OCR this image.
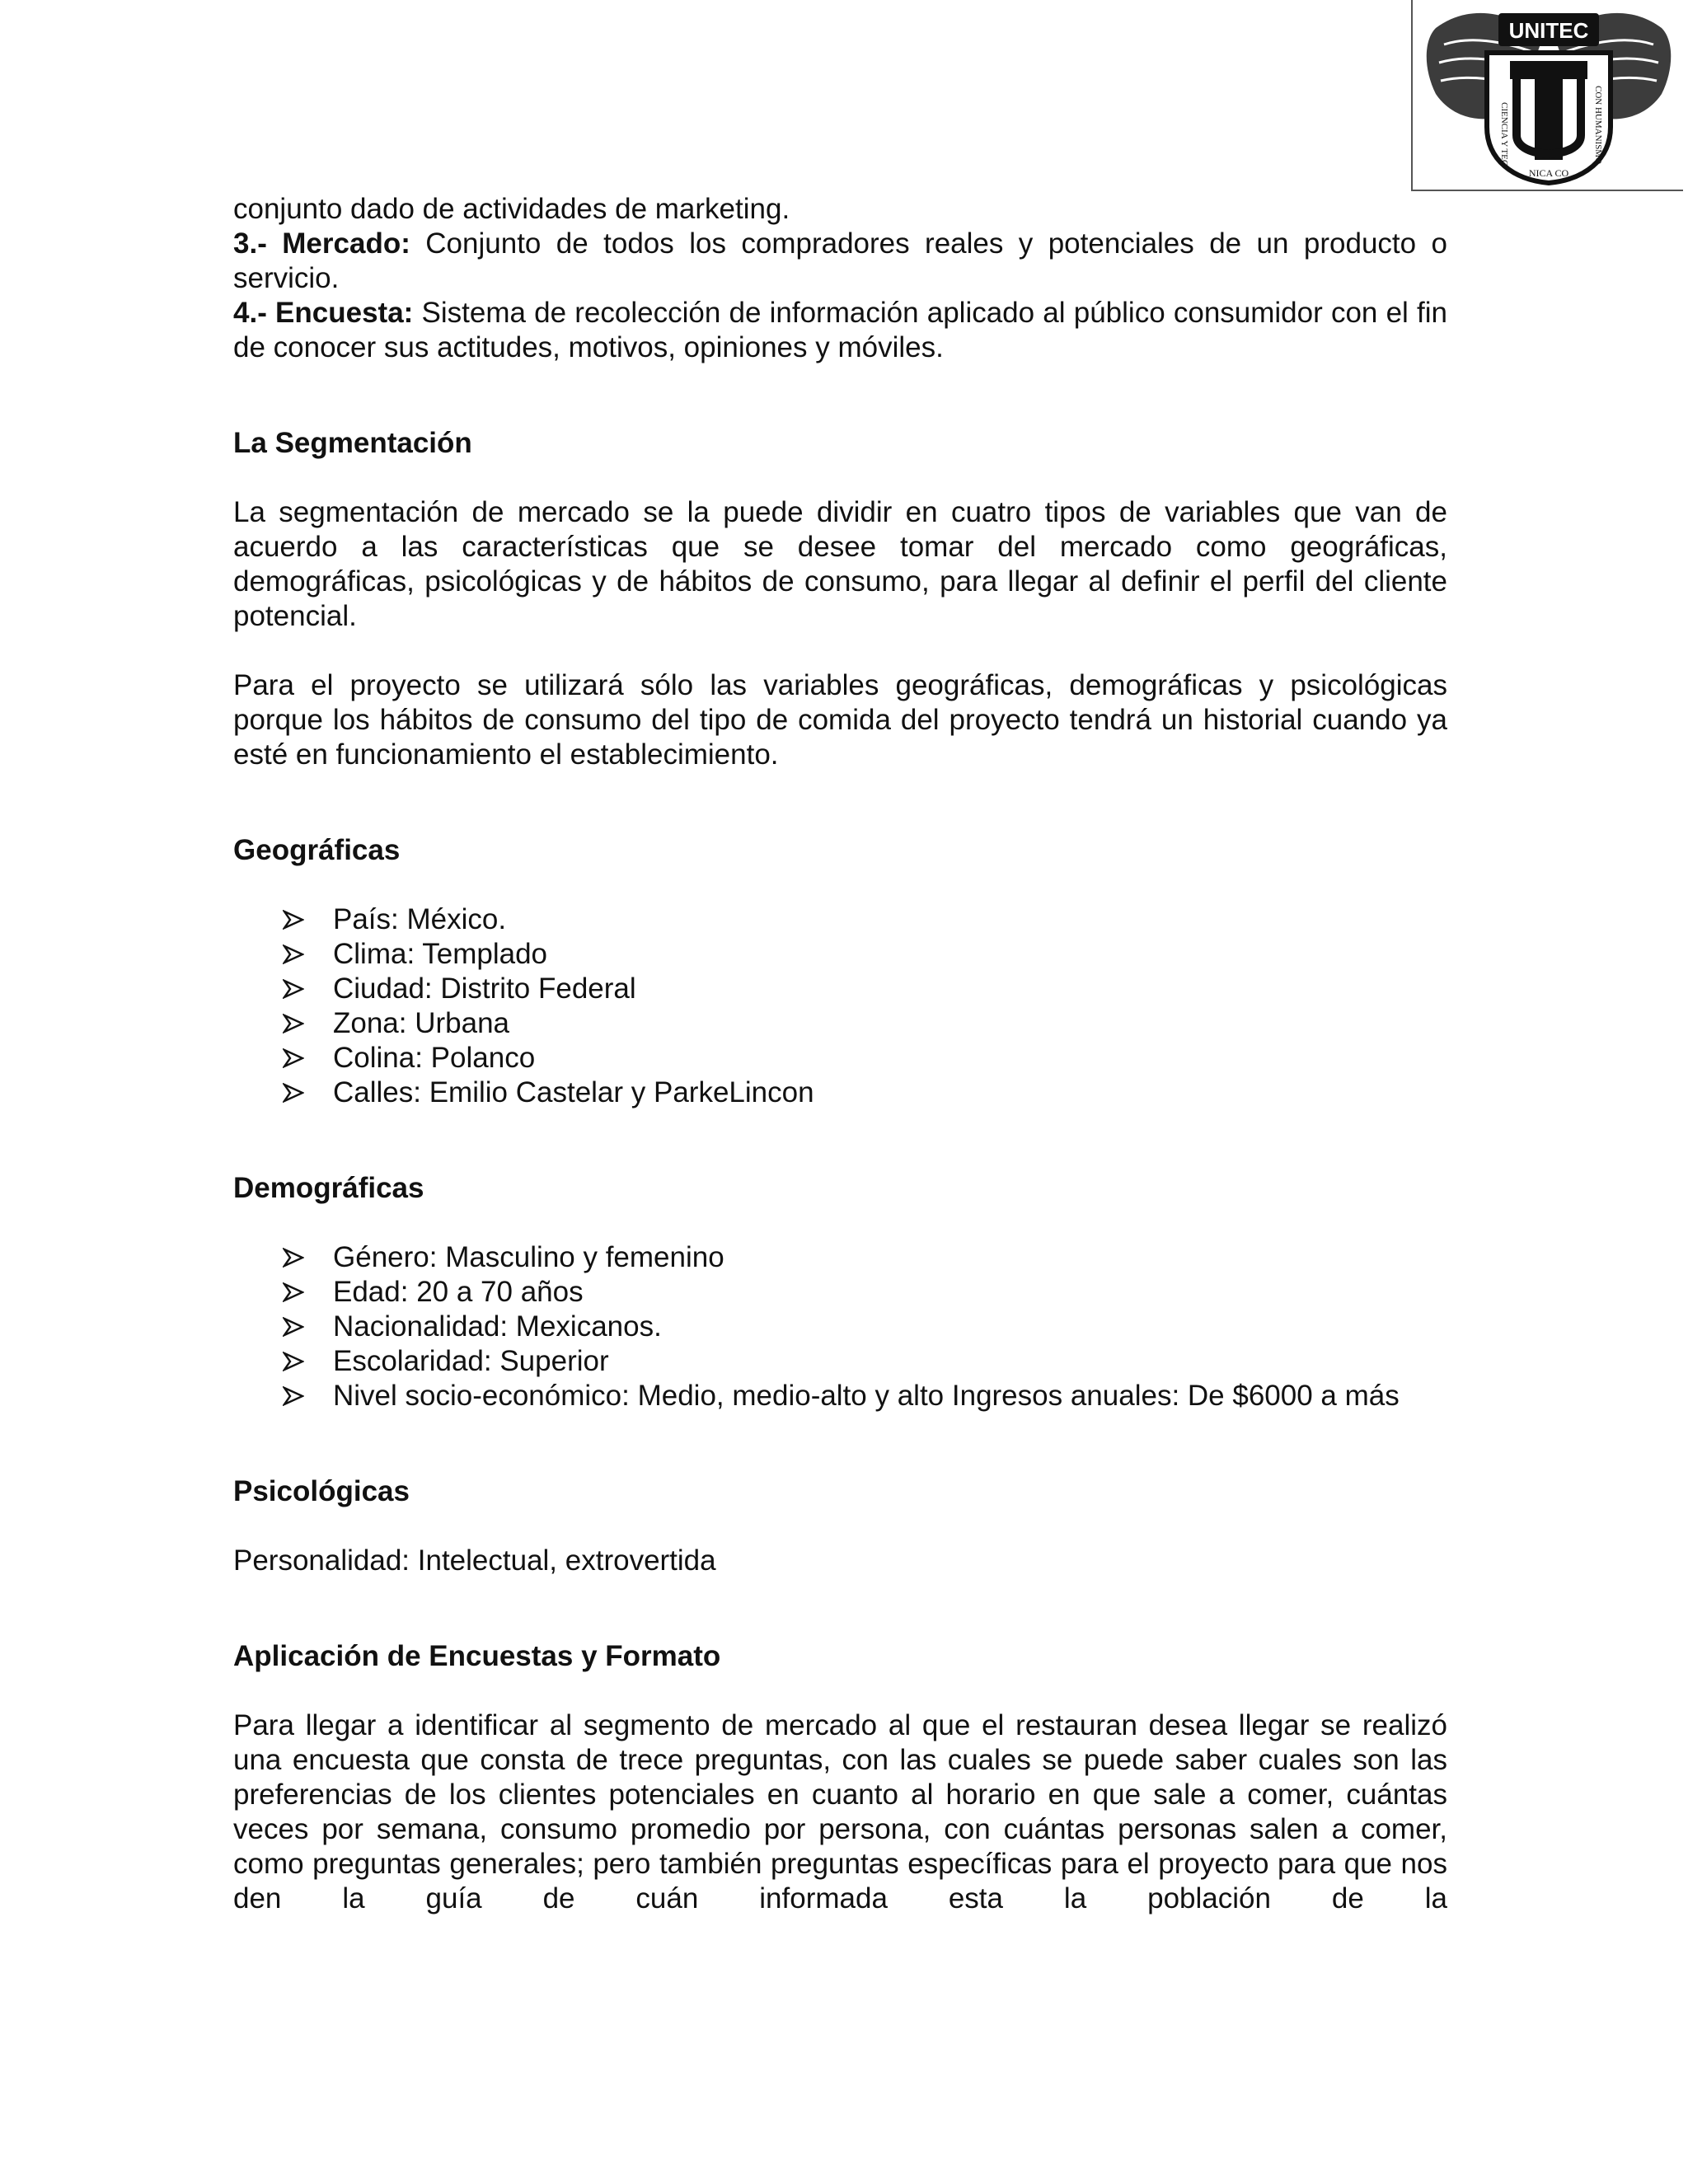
UNITEC
CIENCIA Y TEC	CON HUMANISMO
NICA CO

conjunto dado de actividades de marketing.

3.- Mercado: Conjunto de todos los compradores reales y potenciales de un producto o servicio.

4.- Encuesta: Sistema de recolección de información aplicado al público consumidor con el fin de conocer sus actitudes, motivos, opiniones y móviles.

La Segmentación

La segmentación de mercado se la puede dividir en cuatro tipos de variables que van de acuerdo a las características que se desee tomar del mercado como geográficas, demográficas, psicológicas y de hábitos de consumo, para llegar al definir el perfil del cliente potencial.

Para el proyecto se utilizará sólo las variables geográficas, demográficas y psicológicas porque los hábitos de consumo del tipo de comida del proyecto tendrá un historial cuando ya esté en funcionamiento el establecimiento.

Geográficas

País: México.
Clima: Templado
Ciudad: Distrito Federal
Zona: Urbana
Colina: Polanco
Calles: Emilio Castelar y ParkeLincon

Demográficas

Género: Masculino y femenino
Edad: 20 a 70 años
Nacionalidad: Mexicanos.
Escolaridad: Superior
Nivel socio-económico: Medio, medio-alto y alto Ingresos anuales: De $6000 a más

Psicológicas

Personalidad: Intelectual, extrovertida

Aplicación de Encuestas y Formato

Para llegar a identificar al segmento de mercado al que el restauran desea llegar se realizó una encuesta que consta de trece preguntas, con las cuales se puede saber cuales son las preferencias de los clientes potenciales en cuanto al horario en que sale a comer, cuántas veces por semana, consumo promedio por persona, con cuántas personas salen a comer, como preguntas generales; pero también preguntas específicas para el proyecto para que nos den la guía de cuán informada esta la población de la
